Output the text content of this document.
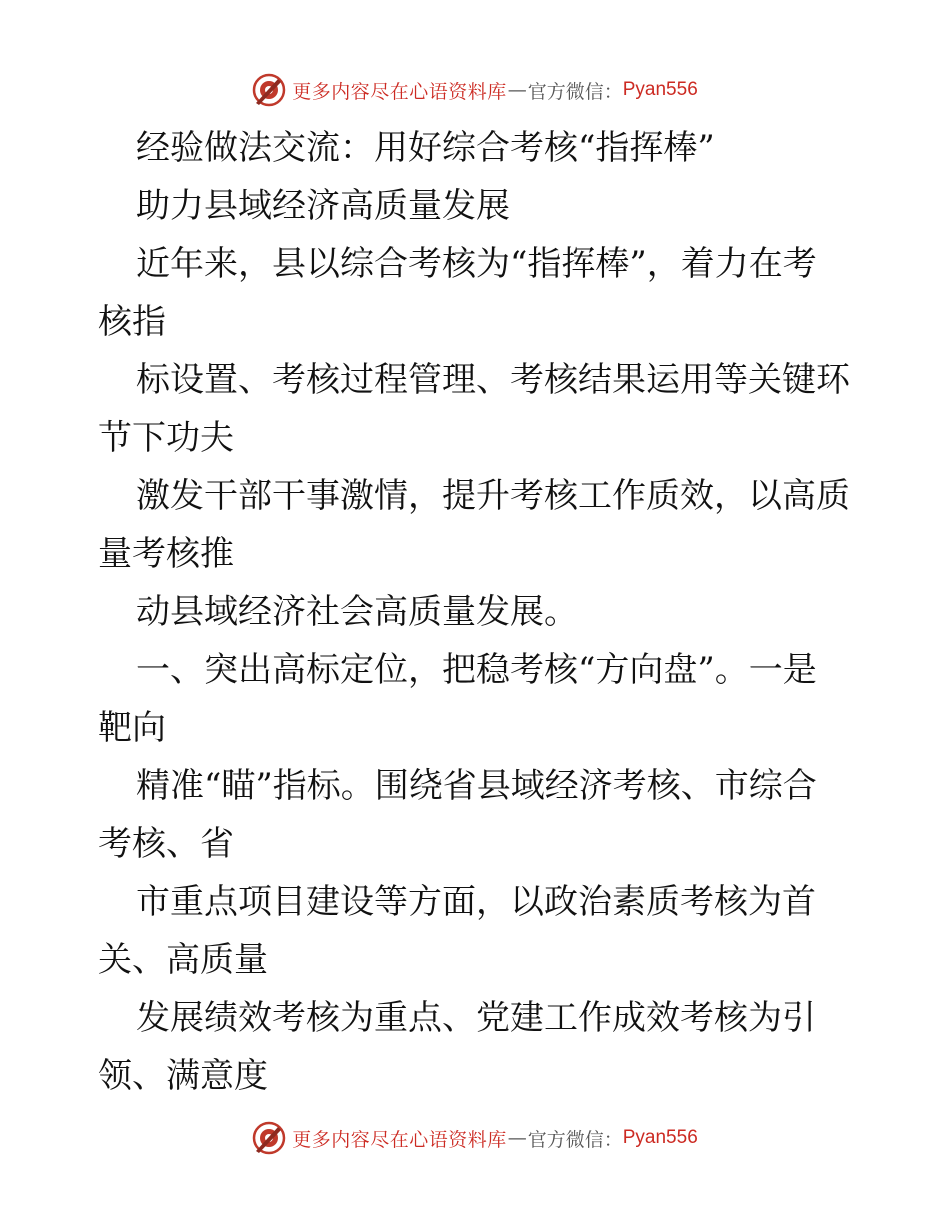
更多内容尽在心语资料库 — 官方微信： Pyan556
经验做法交流：用好综合考核“指挥棒”
助力县域经济高质量发展
近年来，县以综合考核为“指挥棒”，着力在考
核指
标设置、考核过程管理、考核结果运用等关键环
节下功夫
激发干部干事激情，提升考核工作质效，以高质
量考核推
动县域经济社会高质量发展。
一、突出高标定位，把稳考核“方向盘”。一是
靶向
精准“瞄”指标。围绕省县域经济考核、市综合
考核、省
市重点项目建设等方面，以政治素质考核为首
关、高质量
发展绩效考核为重点、党建工作成效考核为引
领、满意度
更多内容尽在心语资料库 — 官方微信： Pyan556
